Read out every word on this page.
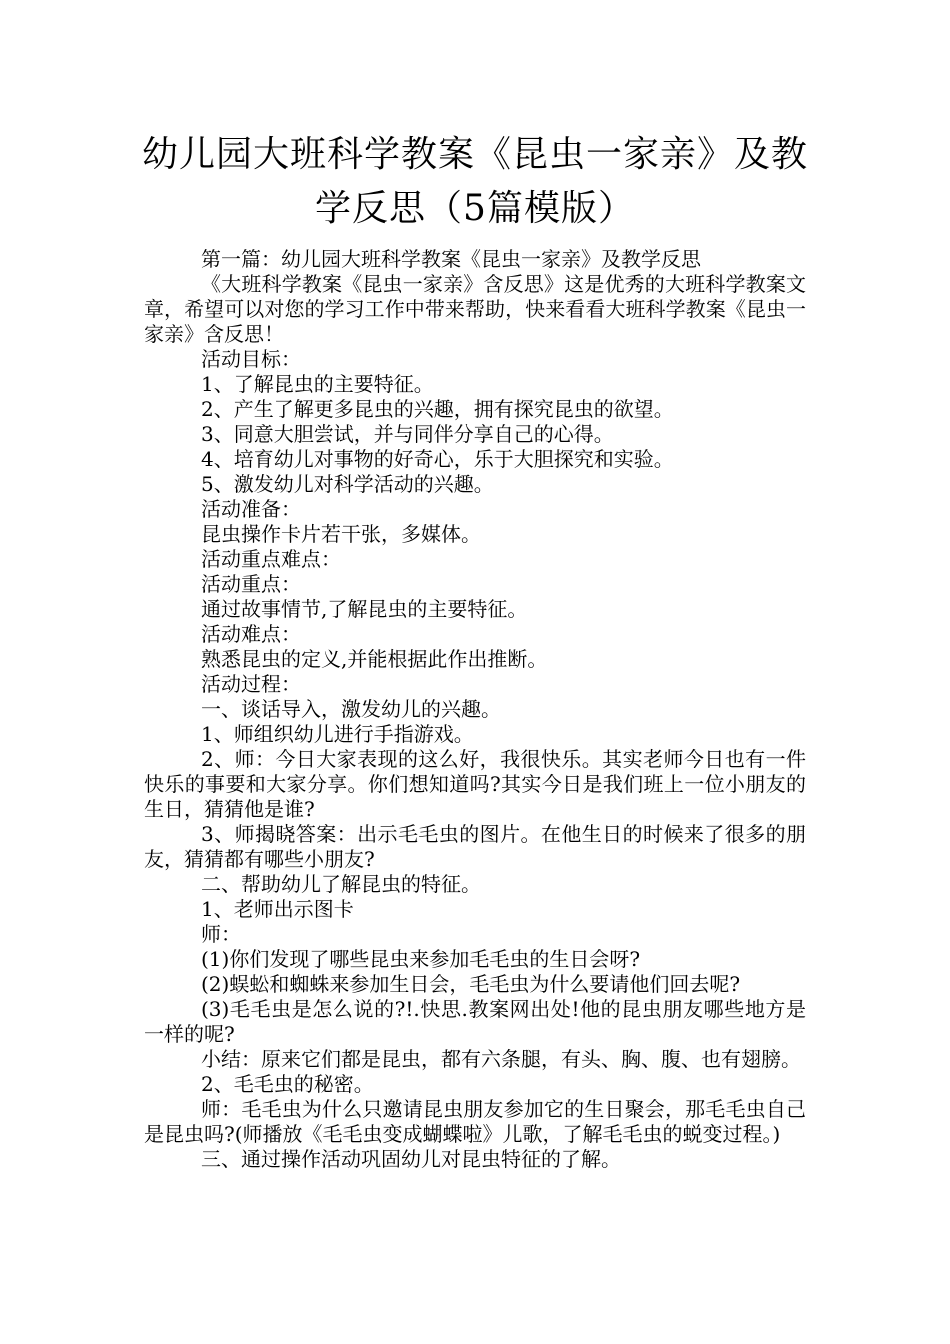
幼儿园大班科学教案《昆虫一家亲》及教
学反思（5篇模版）

第一篇：幼儿园大班科学教案《昆虫一家亲》及教学反思

《大班科学教案《昆虫一家亲》含反思》这是优秀的大班科学教案文章，希望可以对您的学习工作中带来帮助，快来看看大班科学教案《昆虫一家亲》含反思！

活动目标：

1、了解昆虫的主要特征。

2、产生了解更多昆虫的兴趣，拥有探究昆虫的欲望。

3、同意大胆尝试，并与同伴分享自己的心得。

4、培育幼儿对事物的好奇心，乐于大胆探究和实验。

5、激发幼儿对科学活动的兴趣。

活动准备：

昆虫操作卡片若干张，多媒体。

活动重点难点：

活动重点：

通过故事情节,了解昆虫的主要特征。

活动难点：

熟悉昆虫的定义,并能根据此作出推断。

活动过程：

一、谈话导入，激发幼儿的兴趣。

1、师组织幼儿进行手指游戏。

2、师：今日大家表现的这么好，我很快乐。其实老师今日也有一件快乐的事要和大家分享。你们想知道吗?其实今日是我们班上一位小朋友的生日，猜猜他是谁?

3、师揭晓答案：出示毛毛虫的图片。在他生日的时候来了很多的朋友，猜猜都有哪些小朋友?

二、帮助幼儿了解昆虫的特征。

1、老师出示图卡

师：

(1)你们发现了哪些昆虫来参加毛毛虫的生日会呀?

(2)蜈蚣和蜘蛛来参加生日会，毛毛虫为什么要请他们回去呢?

(3)毛毛虫是怎么说的?!.快思.教案网出处!他的昆虫朋友哪些地方是一样的呢?

小结：原来它们都是昆虫，都有六条腿，有头、胸、腹、也有翅膀。

2、毛毛虫的秘密。

师：毛毛虫为什么只邀请昆虫朋友参加它的生日聚会，那毛毛虫自己是昆虫吗?(师播放《毛毛虫变成蝴蝶啦》儿歌，了解毛毛虫的蜕变过程。)

三、通过操作活动巩固幼儿对昆虫特征的了解。
